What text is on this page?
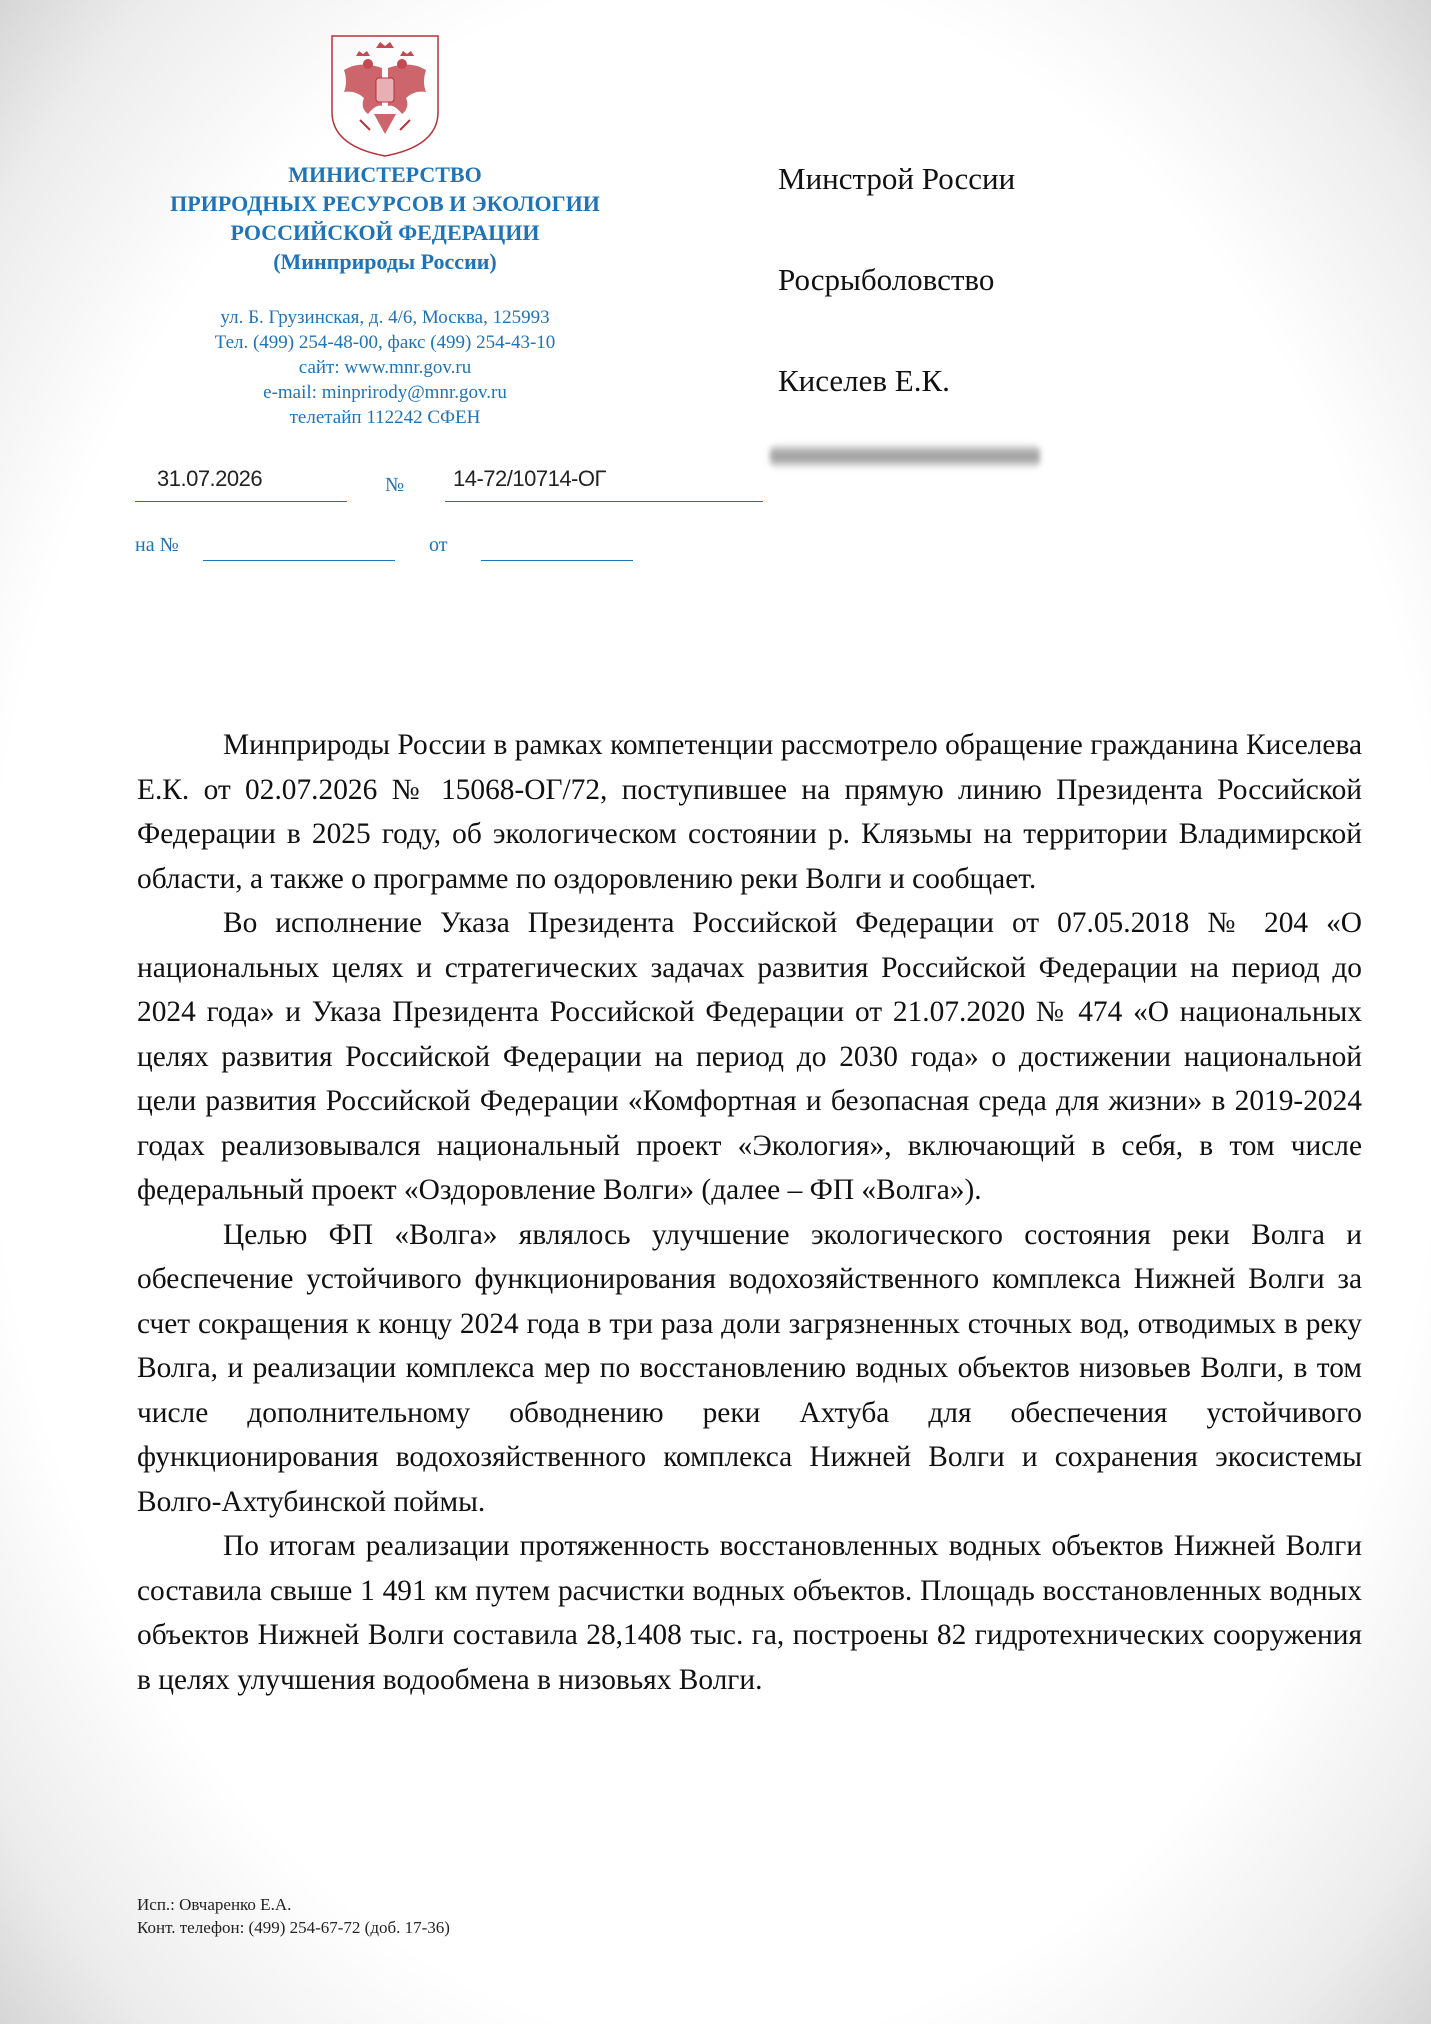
МИНИСТЕРСТВО
ПРИРОДНЫХ РЕСУРСОВ И ЭКОЛОГИИ
РОССИЙСКОЙ ФЕДЕРАЦИИ
(Минприроды России)
ул. Б. Грузинская, д. 4/6, Москва, 125993
Тел. (499) 254-48-00, факс (499) 254-43-10
сайт: www.mnr.gov.ru
e-mail: minprirody@mnr.gov.ru
телетайп 112242 СФЕН
31.07.2026	№	14-72/10714-ОГ
на №	от
Минстрой России
Росрыболовство
Киселев Е.К.

Минприроды России в рамках компетенции рассмотрело обращение гражданина Киселева Е.К. от 02.07.2026 № 15068-ОГ/72, поступившее на прямую линию Президента Российской Федерации в 2025 году, об экологическом состоянии р. Клязьмы на территории Владимирской области, а также о программе по оздоровлению реки Волги и сообщает.

Во исполнение Указа Президента Российской Федерации от 07.05.2018 № 204 «О национальных целях и стратегических задачах развития Российской Федерации на период до 2024 года» и Указа Президента Российской Федерации от 21.07.2020 № 474 «О национальных целях развития Российской Федерации на период до 2030 года» о достижении национальной цели развития Российской Федерации «Комфортная и безопасная среда для жизни» в 2019-2024 годах реализовывался национальный проект «Экология», включающий в себя, в том числе федеральный проект «Оздоровление Волги» (далее – ФП «Волга»).

Целью ФП «Волга» являлось улучшение экологического состояния реки Волга и обеспечение устойчивого функционирования водохозяйственного комплекса Нижней Волги за счет сокращения к концу 2024 года в три раза доли загрязненных сточных вод, отводимых в реку Волга, и реализации комплекса мер по восстановлению водных объектов низовьев Волги, в том числе дополнительному обводнению реки Ахтуба для обеспечения устойчивого функционирования водохозяйственного комплекса Нижней Волги и сохранения экосистемы Волго-Ахтубинской поймы.

По итогам реализации протяженность восстановленных водных объектов Нижней Волги составила свыше 1 491 км путем расчистки водных объектов. Площадь восстановленных водных объектов Нижней Волги составила 28,1408 тыс. га, построены 82 гидротехнических сооружения в целях улучшения водообмена в низовьях Волги.

Исп.: Овчаренко Е.А.
Конт. телефон: (499) 254-67-72 (доб. 17-36)
